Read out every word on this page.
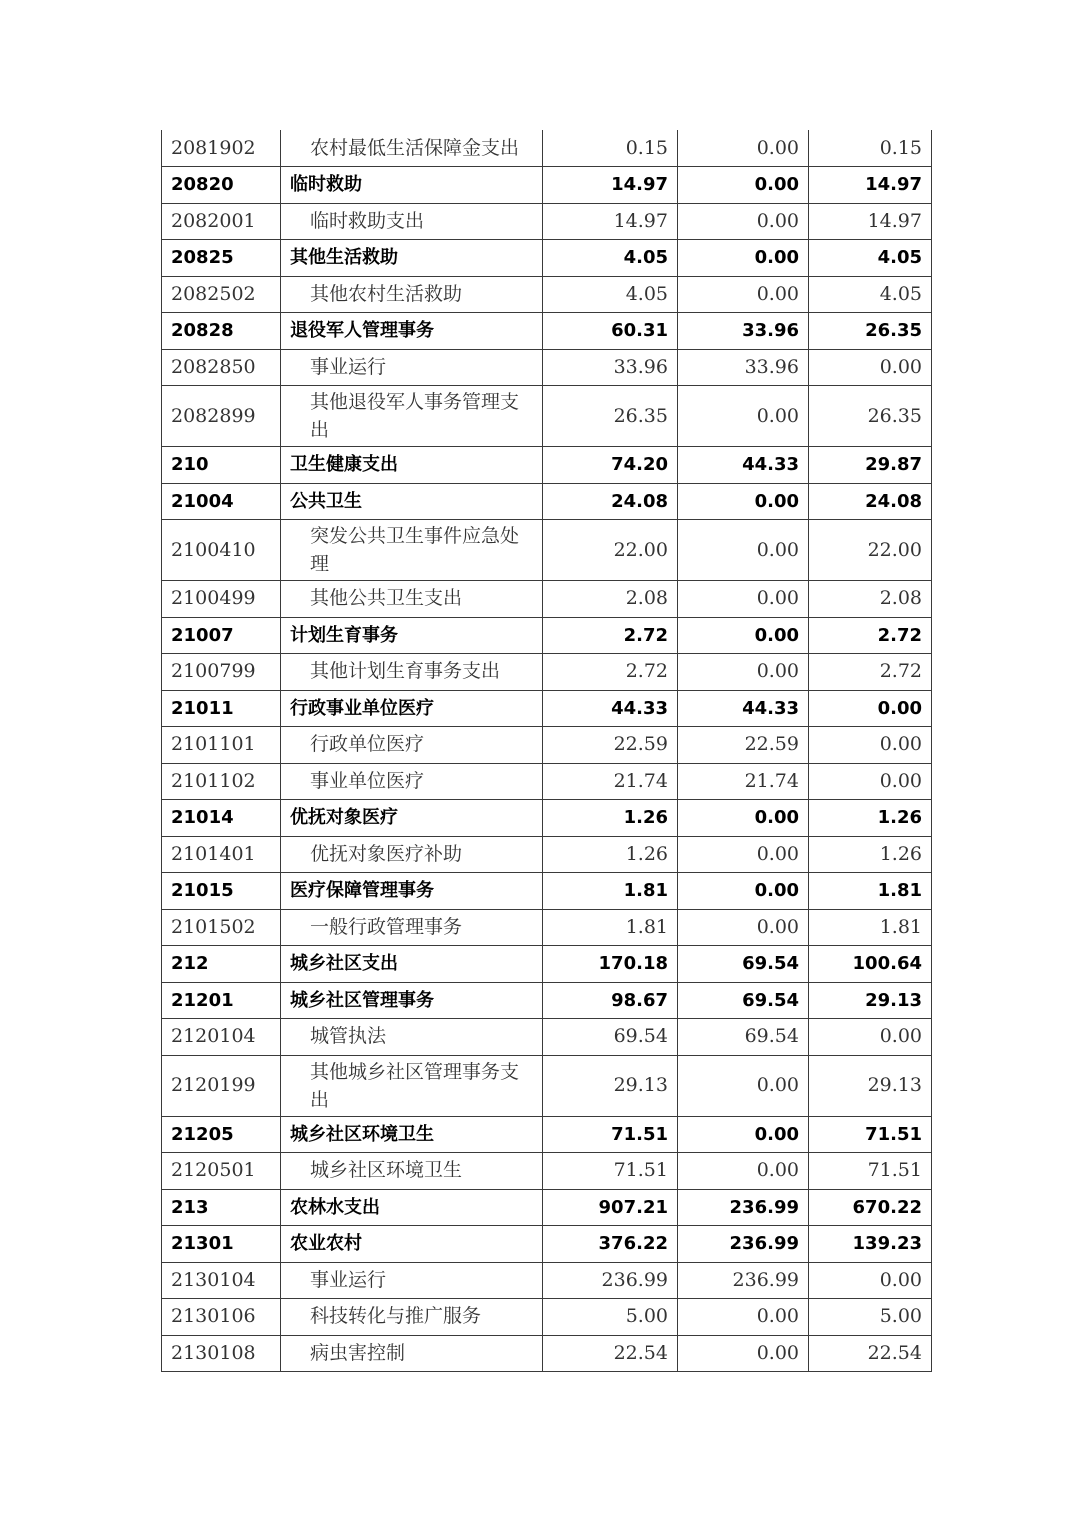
2081902	农村最低生活保障金支出	0.15	0.00	0.15
20820	临时救助	14.97	0.00	14.97
2082001	临时救助支出	14.97	0.00	14.97
20825	其他生活救助	4.05	0.00	4.05
2082502	其他农村生活救助	4.05	0.00	4.05
20828	退役军人管理事务	60.31	33.96	26.35
2082850	事业运行	33.96	33.96	0.00
2082899	其他退役军人事务管理支出	26.35	0.00	26.35
210	卫生健康支出	74.20	44.33	29.87
21004	公共卫生	24.08	0.00	24.08
2100410	突发公共卫生事件应急处理	22.00	0.00	22.00
2100499	其他公共卫生支出	2.08	0.00	2.08
21007	计划生育事务	2.72	0.00	2.72
2100799	其他计划生育事务支出	2.72	0.00	2.72
21011	行政事业单位医疗	44.33	44.33	0.00
2101101	行政单位医疗	22.59	22.59	0.00
2101102	事业单位医疗	21.74	21.74	0.00
21014	优抚对象医疗	1.26	0.00	1.26
2101401	优抚对象医疗补助	1.26	0.00	1.26
21015	医疗保障管理事务	1.81	0.00	1.81
2101502	一般行政管理事务	1.81	0.00	1.81
212	城乡社区支出	170.18	69.54	100.64
21201	城乡社区管理事务	98.67	69.54	29.13
2120104	城管执法	69.54	69.54	0.00
2120199	其他城乡社区管理事务支出	29.13	0.00	29.13
21205	城乡社区环境卫生	71.51	0.00	71.51
2120501	城乡社区环境卫生	71.51	0.00	71.51
213	农林水支出	907.21	236.99	670.22
21301	农业农村	376.22	236.99	139.23
2130104	事业运行	236.99	236.99	0.00
2130106	科技转化与推广服务	5.00	0.00	5.00
2130108	病虫害控制	22.54	0.00	22.54
